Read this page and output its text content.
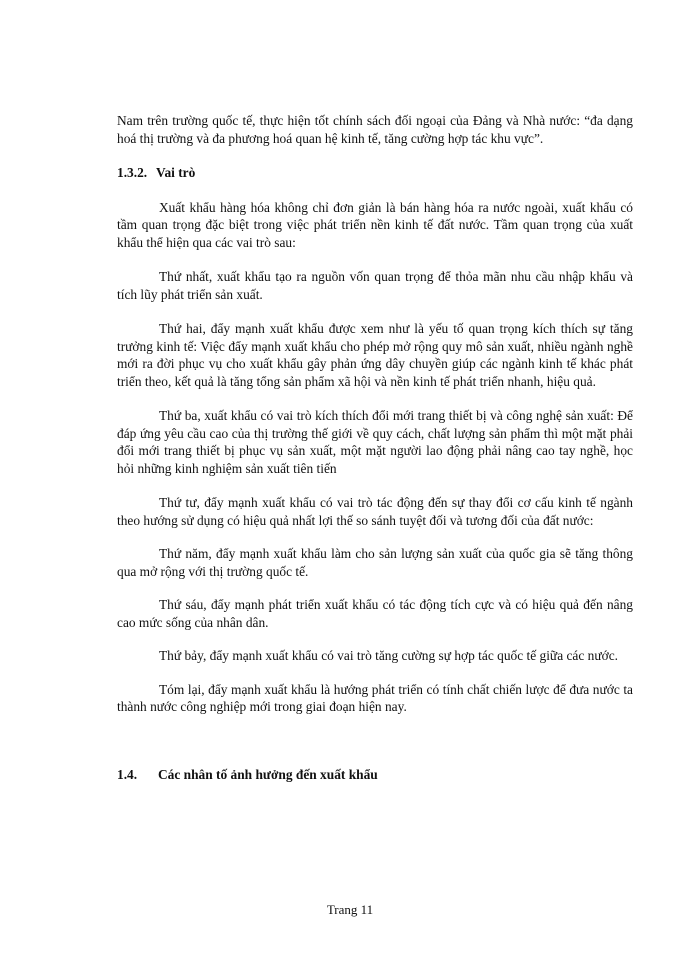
Nam trên trường quốc tế, thực hiện tốt chính sách đối ngoại của Đảng và Nhà nước: “đa dạng hoá thị trường và đa phương hoá quan hệ kinh tế, tăng cường hợp tác khu vực”.

1.3.2. Vai trò

Xuất khẩu hàng hóa không chỉ đơn giản là bán hàng hóa ra nước ngoài, xuất khẩu có tầm quan trọng đặc biệt trong việc phát triển nền kinh tế đất nước. Tầm quan trọng của xuất khẩu thể hiện qua các vai trò sau:

Thứ nhất, xuất khẩu tạo ra nguồn vốn quan trọng để thỏa mãn nhu cầu nhập khẩu và tích lũy phát triển sản xuất.

Thứ hai, đẩy mạnh xuất khẩu được xem như là yếu tố quan trọng kích thích sự tăng trưởng kinh tế: Việc đẩy mạnh xuất khẩu cho phép mở rộng quy mô sản xuất, nhiều ngành nghề mới ra đời phục vụ cho xuất khẩu gây phản ứng dây chuyền giúp các ngành kinh tế khác phát triển theo, kết quả là tăng tổng sản phẩm xã hội và nền kinh tế phát triển nhanh, hiệu quả.

Thứ ba, xuất khẩu có vai trò kích thích đổi mới trang thiết bị và công nghệ sản xuất: Để đáp ứng yêu cầu cao của thị trường thế giới về quy cách, chất lượng sản phẩm thì một mặt phải đổi mới trang thiết bị phục vụ sản xuất, một mặt người lao động phải nâng cao tay nghề, học hỏi những kinh nghiệm sản xuất tiên tiến

Thứ tư, đẩy mạnh xuất khẩu có vai trò tác động đến sự thay đổi cơ cấu kinh tế ngành theo hướng sử dụng có hiệu quả nhất lợi thế so sánh tuyệt đối và tương đối của đất nước:

Thứ năm, đẩy mạnh xuất khẩu làm cho sản lượng sản xuất của quốc gia sẽ tăng thông qua mở rộng với thị trường quốc tế.

Thứ sáu, đẩy mạnh phát triển xuất khẩu có tác động tích cực và có hiệu quả đến nâng cao mức sống của nhân dân.

Thứ bảy, đẩy mạnh xuất khẩu có vai trò tăng cường sự hợp tác quốc tế giữa các nước.

Tóm lại, đẩy mạnh xuất khẩu là hướng phát triển có tính chất chiến lược để đưa nước ta thành nước công nghiệp mới trong giai đoạn hiện nay.

1.4. Các nhân tố ảnh hưởng đến xuất khẩu
Trang 11
